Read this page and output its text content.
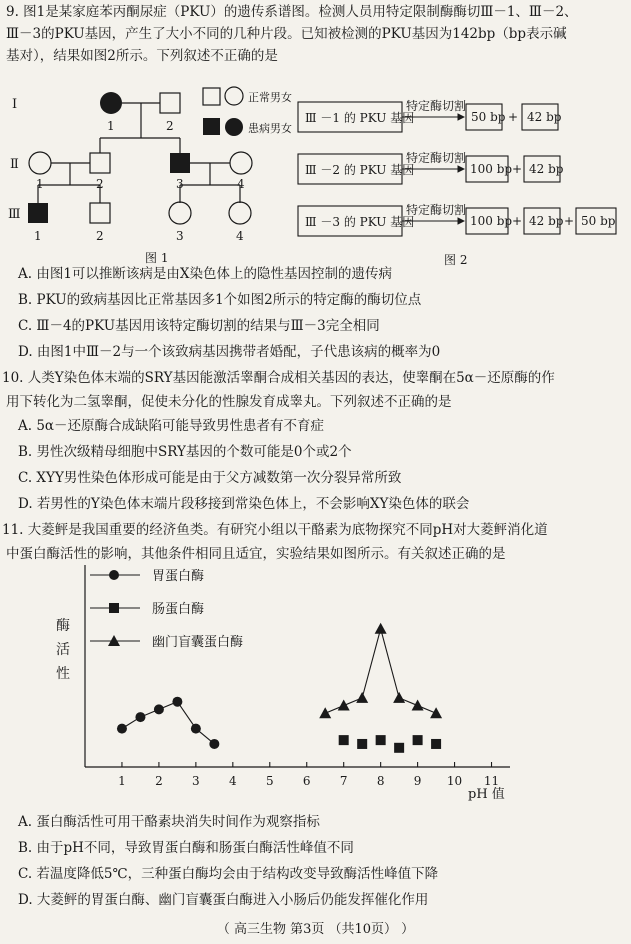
9. 图1是某家庭苯丙酮尿症（PKU）的遗传系谱图。检测人员用特定限制酶酶切Ⅲ－1、Ⅲ－2、
Ⅲ－3的PKU基因，产生了大小不同的几种片段。已知被检测的PKU基因为142bp（bp表示碱
基对），结果如图2所示。下列叙述不正确的是
Ⅰ
Ⅱ
Ⅲ
1	2
1	2	3	4
1	2	3	4
正常男女
患病男女
图 1
Ⅲ －1 的 PKU 基因
特定酶切割
50 bp + 42 bp
Ⅲ －2 的 PKU 基因
特定酶切割
100 bp + 42 bp
Ⅲ －3 的 PKU 基因
特定酶切割
100 bp + 42 bp + 50 bp
图 2
A. 由图1可以推断该病是由X染色体上的隐性基因控制的遗传病
B. PKU的致病基因比正常基因多1个如图2所示的特定酶的酶切位点
C. Ⅲ－4的PKU基因用该特定酶切割的结果与Ⅲ－3完全相同
D. 由图1中Ⅲ－2与一个该致病基因携带者婚配，子代患该病的概率为0
10. 人类Y染色体末端的SRY基因能激活睾酮合成相关基因的表达，使睾酮在5α－还原酶的作
用下转化为二氢睾酮，促使未分化的性腺发育成睾丸。下列叙述不正确的是
A. 5α－还原酶合成缺陷可能导致男性患者有不育症
B. 男性次级精母细胞中SRY基因的个数可能是0个或2个
C. XYY男性染色体形成可能是由于父方减数第一次分裂异常所致
D. 若男性的Y染色体末端片段移接到常染色体上，不会影响XY染色体的联会
11. 大菱鲆是我国重要的经济鱼类。有研究小组以干酪素为底物探究不同pH对大菱鲆消化道
中蛋白酶活性的影响，其他条件相同且适宜，实验结果如图所示。有关叙述正确的是
酶活性
pH 值
1 2 3 4 5 6 7 8 9 10 11
胃蛋白酶
肠蛋白酶
幽门盲囊蛋白酶
A. 蛋白酶活性可用干酪素块消失时间作为观察指标
B. 由于pH不同，导致胃蛋白酶和肠蛋白酶活性峰值不同
C. 若温度降低5℃，三种蛋白酶均会由于结构改变导致酶活性峰值下降
D. 大菱鲆的胃蛋白酶、幽门盲囊蛋白酶进入小肠后仍能发挥催化作用
（ 高三生物 第3页 （共10页） ）
